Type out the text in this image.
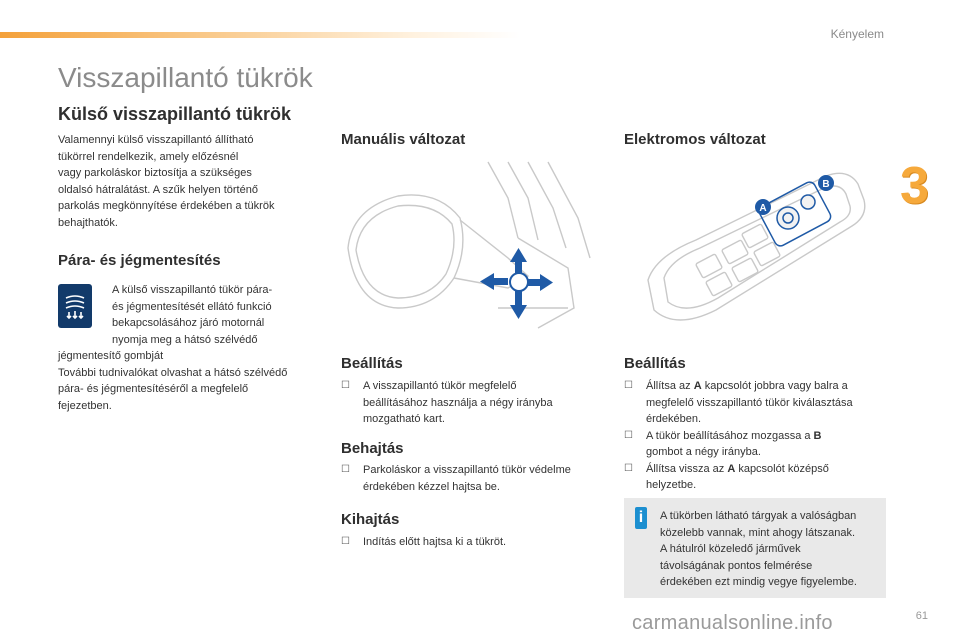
Kényelem
3
Visszapillantó tükrök
Külső visszapillantó tükrök
Valamennyi külső visszapillantó állítható
tükörrel rendelkezik, amely előzésnél
vagy parkoláskor biztosítja a szükséges
oldalsó hátralátást. A szűk helyen történő
parkolás megkönnyítése érdekében a tükrök
behajthatók.
Pára- és jégmentesítés
A külső visszapillantó tükör pára-
és jégmentesítését ellátó funkció
bekapcsolásához járó motornál
nyomja meg a hátsó szélvédő
jégmentesítő gombját
További tudnivalókat olvashat a hátsó szélvédő
pára- és jégmentesítéséről a megfelelő
fejezetben.
Manuális változat
Beállítás
☐ A visszapillantó tükör megfelelő
beállításához használja a négy irányba
mozgatható kart.
Behajtás
☐ Parkoláskor a visszapillantó tükör védelme
érdekében kézzel hajtsa be.
Kihajtás
☐ Indítás előtt hajtsa ki a tükröt.
Elektromos változat
A
B
Beállítás
☐ Állítsa az A kapcsolót jobbra vagy balra a
megfelelő visszapillantó tükör kiválasztása
érdekében.
☐ A tükör beállításához mozgassa a B
gombot a négy irányba.
☐ Állítsa vissza az A kapcsolót középső
helyzetbe.
i	A tükörben látható tárgyak a valóságban
közelebb vannak, mint ahogy látszanak.
A hátulról közeledő járművek
távolságának pontos felmérése
érdekében ezt mindig vegye figyelembe.
61
carmanualsonline.info
